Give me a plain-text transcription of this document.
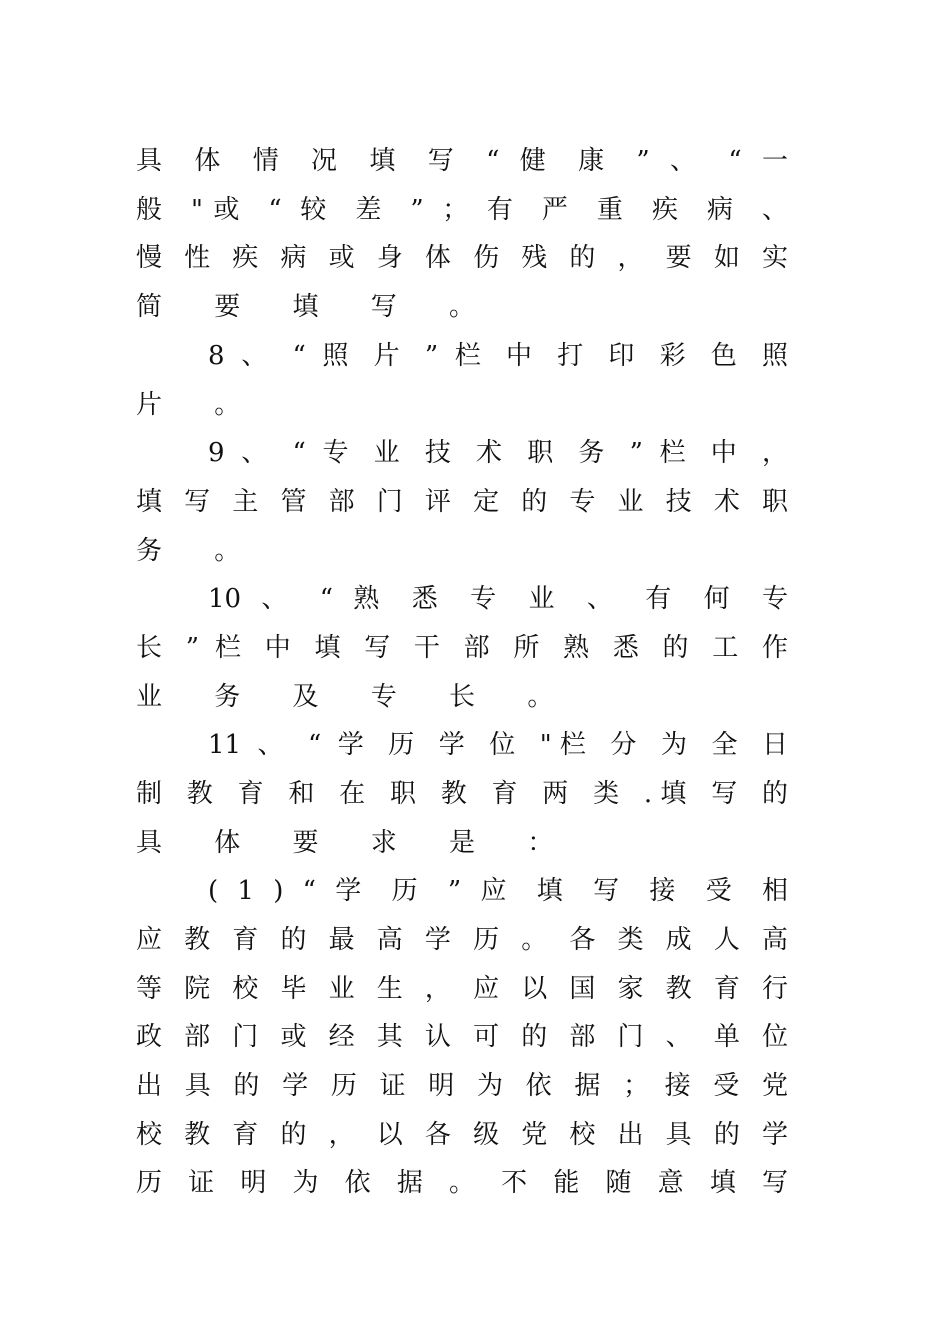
具 体 情 况 填 写 “ 健 康 ” 、 “ 一
般 "或 “ 较 差 ” ； 有 严 重 疾 病 、
慢 性 疾 病 或 身 体 伤 残 的 ， 要 如 实
简 要 填 写 。
8 、 “ 照 片 ” 栏 中 打 印 彩 色 照
片 。
9 、 “ 专 业 技 术 职 务 ” 栏 中 ，
填 写 主 管 部 门 评 定 的 专 业 技 术 职
务 。
10 、 “ 熟 悉 专 业 、 有 何 专
长 ” 栏 中 填 写 干 部 所 熟 悉 的 工 作
业 务 及 专 长 。
11 、 “ 学 历 学 位 "栏 分 为 全 日
制 教 育 和 在 职 教 育 两 类 .填 写 的
具 体 要 求 是 ：
( 1 ) “ 学 历 ” 应 填 写 接 受 相
应 教 育 的 最 高 学 历 。 各 类 成 人 高
等 院 校 毕 业 生 ， 应 以 国 家 教 育 行
政 部 门 或 经 其 认 可 的 部 门 、 单 位
出 具 的 学 历 证 明 为 依 据 ； 接 受 党
校 教 育 的 ， 以 各 级 党 校 出 具 的 学
历 证 明 为 依 据 。 不 能 随 意 填 写
